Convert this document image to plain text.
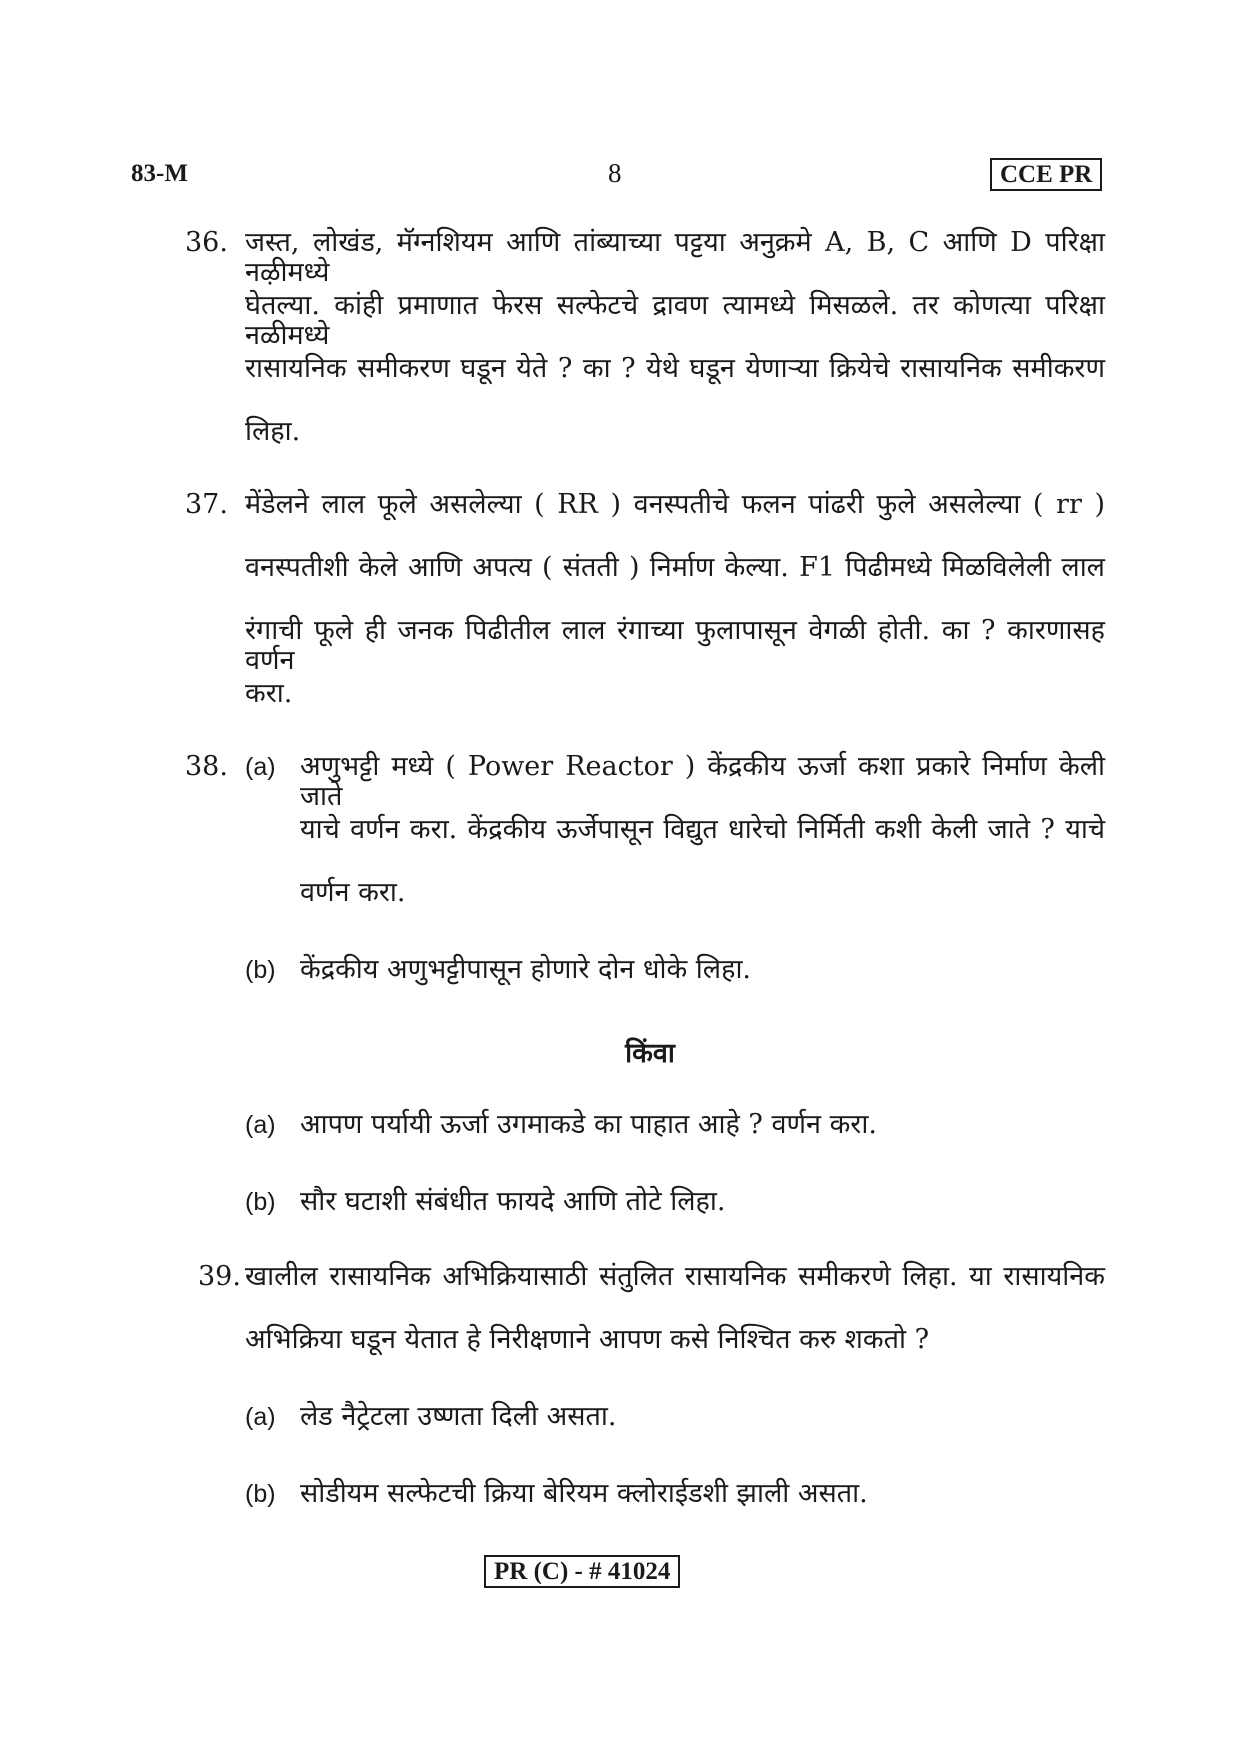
83-M	8	CCE PR
36. जस्त, लोखंड, मॅग्नशियम आणि तांब्याच्या पट्टया अनुक्रमे A, B, C आणि D परिक्षा नऴीमध्ये
घेतल्या. कांही प्रमाणात फेरस सल्फेटचे द्रावण त्यामध्ये मिसळले. तर कोणत्या परिक्षा नळीमध्ये
रासायनिक समीकरण घडून येते ? का ? येथे घडून येणाऱ्या क्रियेचे रासायनिक समीकरण
लिहा.
37. मेंडेलने लाल फूले असलेल्या ( RR ) वनस्पतीचे फलन पांढरी फुले असलेल्या ( rr )
वनस्पतीशी केले आणि अपत्य ( संतती ) निर्माण केल्या. F1 पिढीमध्ये मिळविलेली लाल
रंगाची फूले ही जनक पिढीतील लाल रंगाच्या फुलापासून वेगळी होती. का ? कारणासह वर्णन
करा.
38. (a) अणुभट्टी मध्ये ( Power Reactor ) केंद्रकीय ऊर्जा कशा प्रकारे निर्माण केली जाते
याचे वर्णन करा. केंद्रकीय ऊर्जेपासून विद्युत धारेचो निर्मिती कशी केली जाते ? याचे
वर्णन करा.
(b) केंद्रकीय अणुभट्टीपासून होणारे दोन धोके लिहा.
किंवा
(a) आपण पर्यायी ऊर्जा उगमाकडे का पाहात आहे ? वर्णन करा.
(b) सौर घटाशी संबंधीत फायदे आणि तोटे लिहा.
39. खालील रासायनिक अभिक्रियासाठी संतुलित रासायनिक समीकरणे लिहा. या रासायनिक
अभिक्रिया घडून येतात हे निरीक्षणाने आपण कसे निश्चित करु शकतो ?
(a) लेड नैट्रेटला उष्णता दिली असता.
(b) सोडीयम सल्फेटची क्रिया बेरियम क्लोराईडशी झाली असता.
PR (C) - # 41024
